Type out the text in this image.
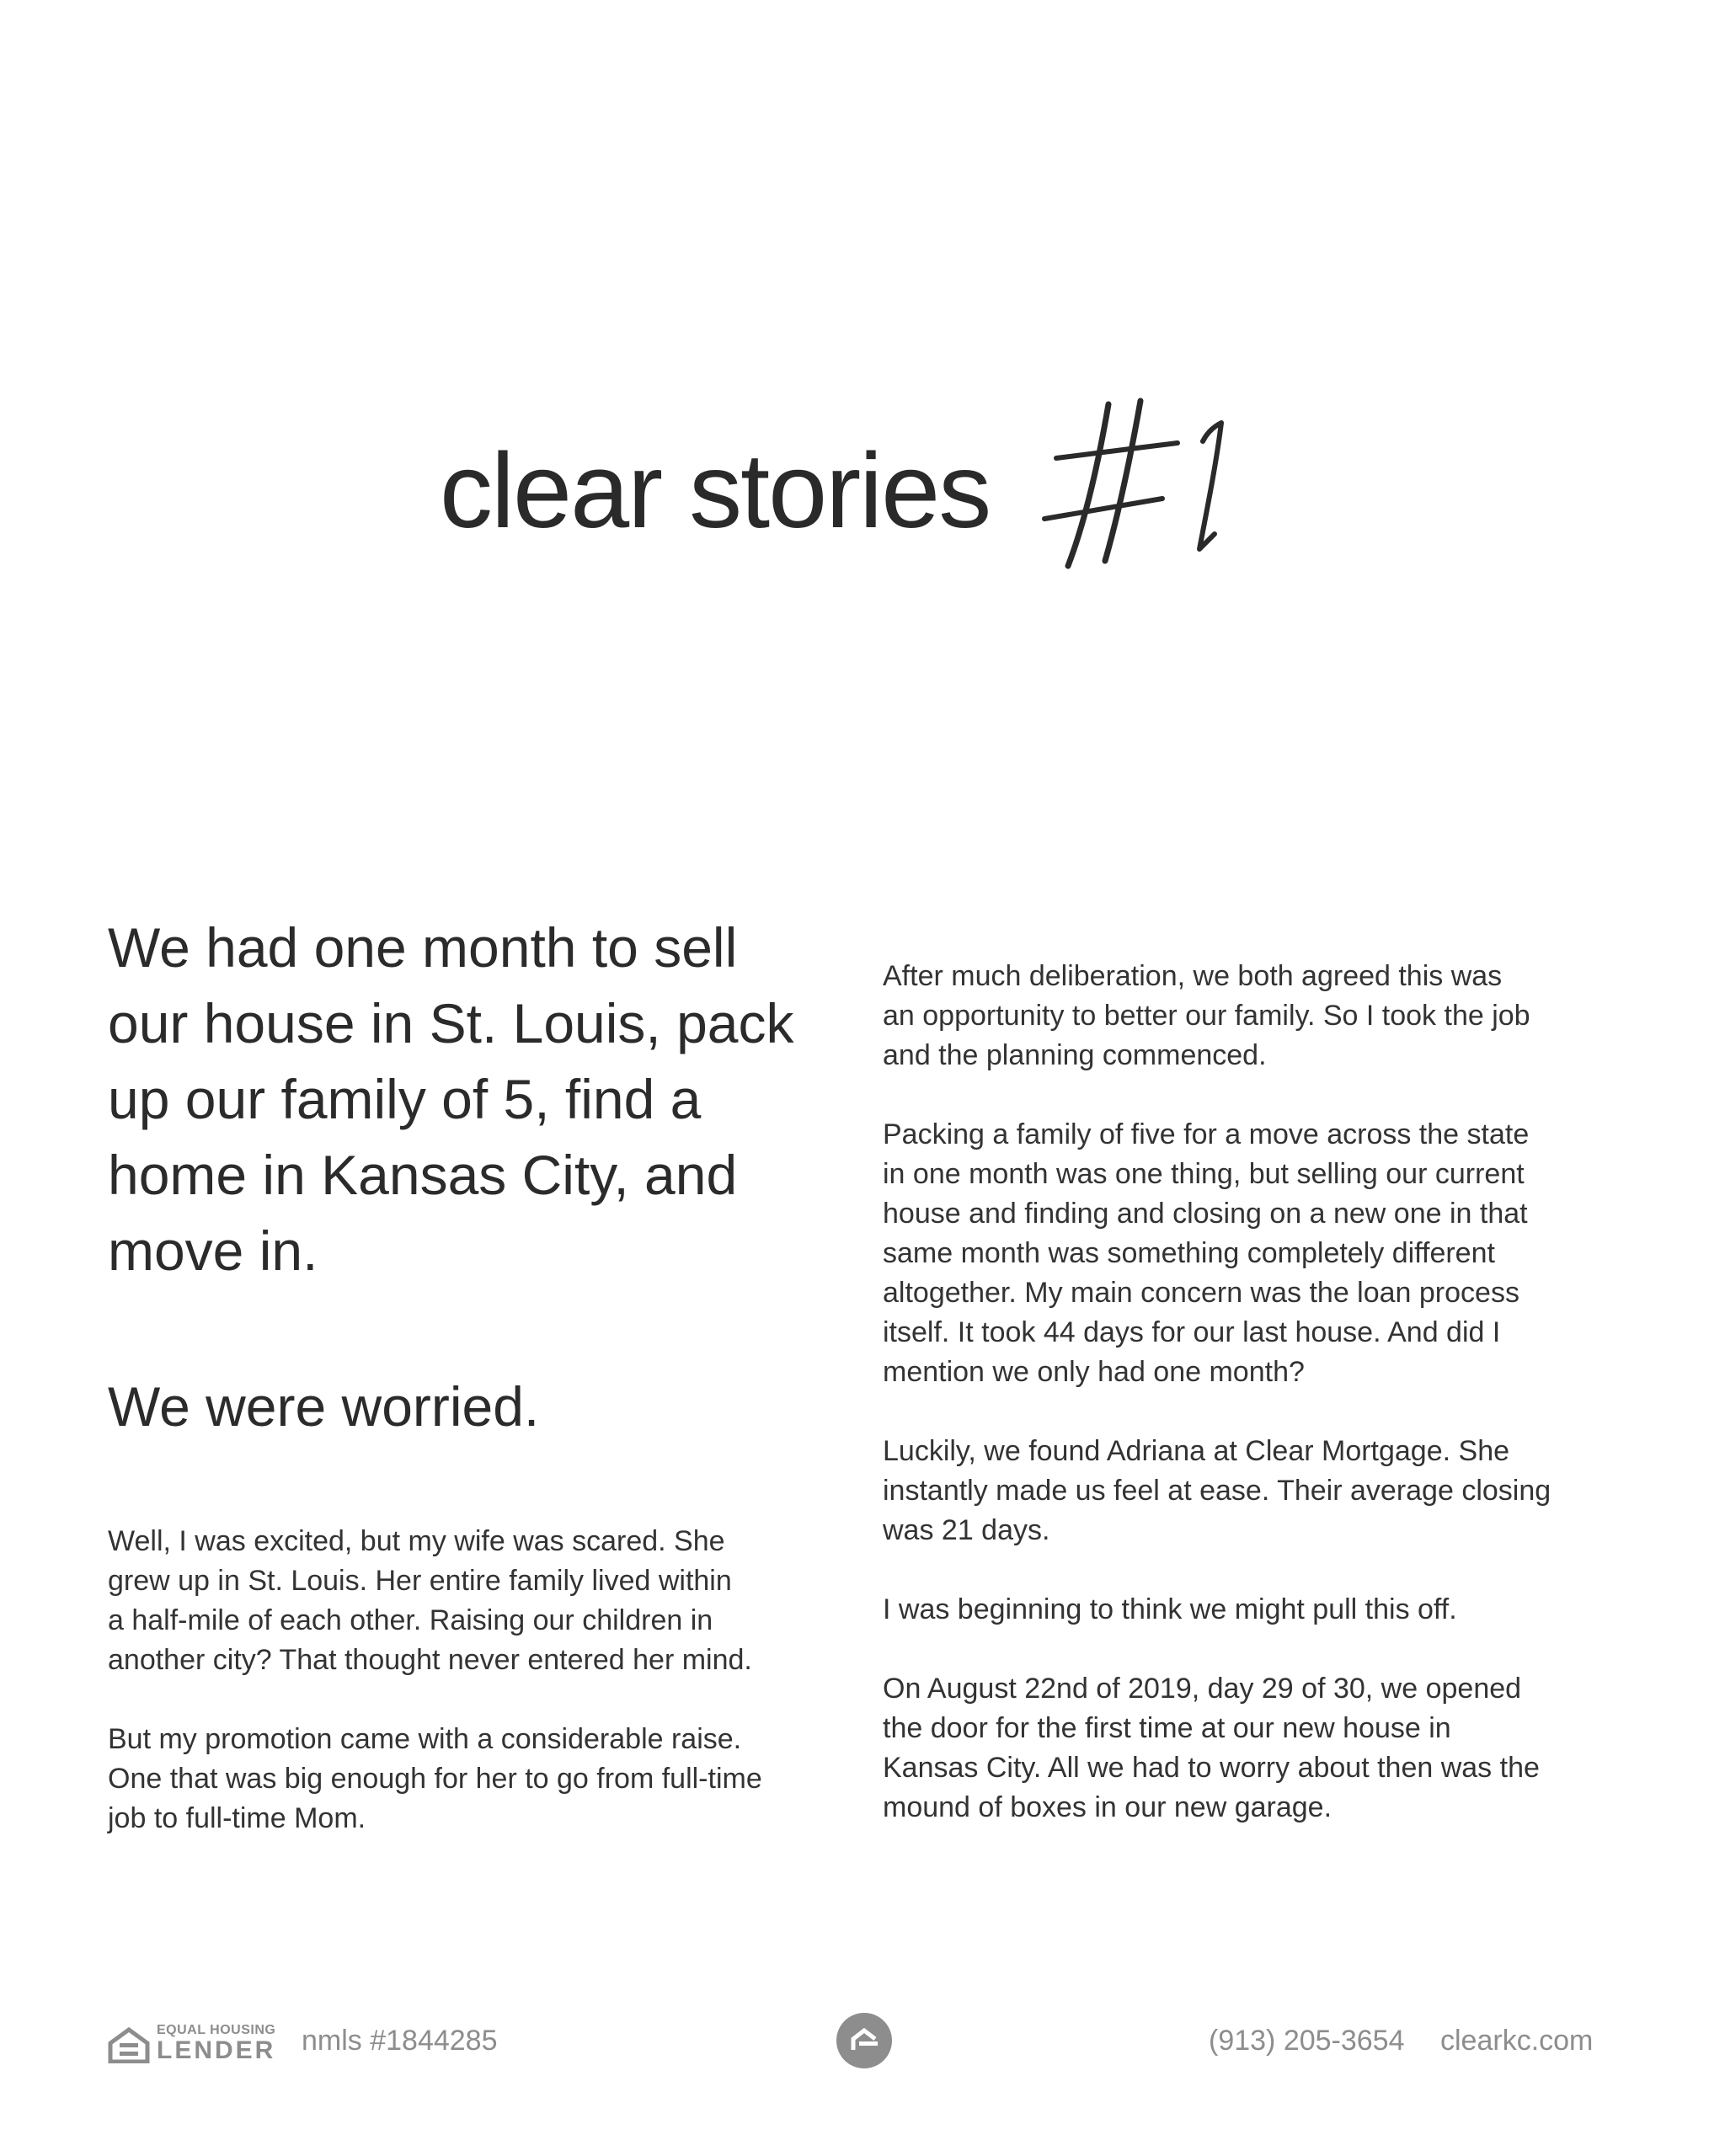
clear stories

We had one month to sell
our house in St. Louis, pack
up our family of 5, find a
home in Kansas City, and
move in.

We were worried.

Well, I was excited, but my wife was scared. She
grew up in St. Louis. Her entire family lived within
a half-mile of each other. Raising our children in
another city? That thought never entered her mind.

But my promotion came with a considerable raise.
One that was big enough for her to go from full-time
job to full-time Mom.

After much deliberation, we both agreed this was
an opportunity to better our family. So I took the job
and the planning commenced.

Packing a family of five for a move across the state
in one month was one thing, but selling our current
house and finding and closing on a new one in that
same month was something completely different
altogether. My main concern was the loan process
itself. It took 44 days for our last house. And did I
mention we only had one month?

Luckily, we found Adriana at Clear Mortgage. She
instantly made us feel at ease. Their average closing
was 21 days.

I was beginning to think we might pull this off.

On August 22nd of 2019, day 29 of 30, we opened
the door for the first time at our new house in
Kansas City. All we had to worry about then was the
mound of boxes in our new garage.

EQUAL HOUSING
LENDER nmls #1844285	(913) 205-3654 clearkc.com
